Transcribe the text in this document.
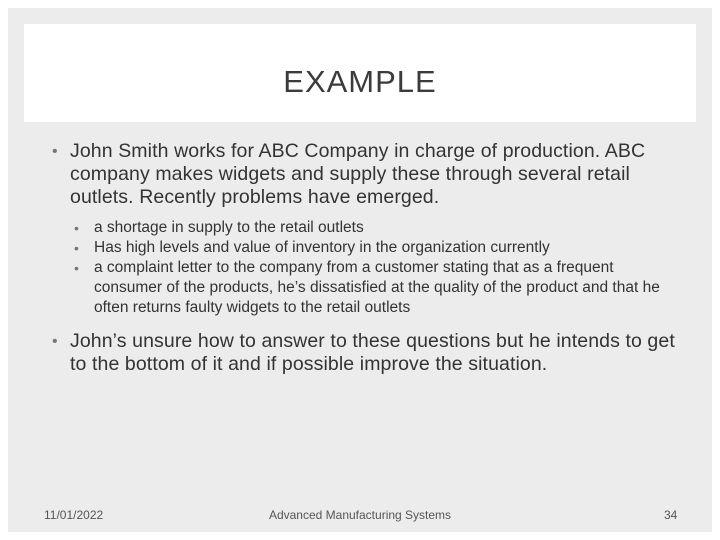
EXAMPLE

• John Smith works for ABC Company in charge of production. ABC company makes widgets and supply these through several retail outlets. Recently problems have emerged.

• a shortage in supply to the retail outlets
• Has high levels and value of inventory in the organization currently
• a complaint letter to the company from a customer stating that as a frequent consumer of the products, he’s dissatisfied at the quality of the product and that he often returns faulty widgets to the retail outlets

• John’s unsure how to answer to these questions but he intends to get to the bottom of it and if possible improve the situation.

11/01/2022	Advanced Manufacturing Systems	34
